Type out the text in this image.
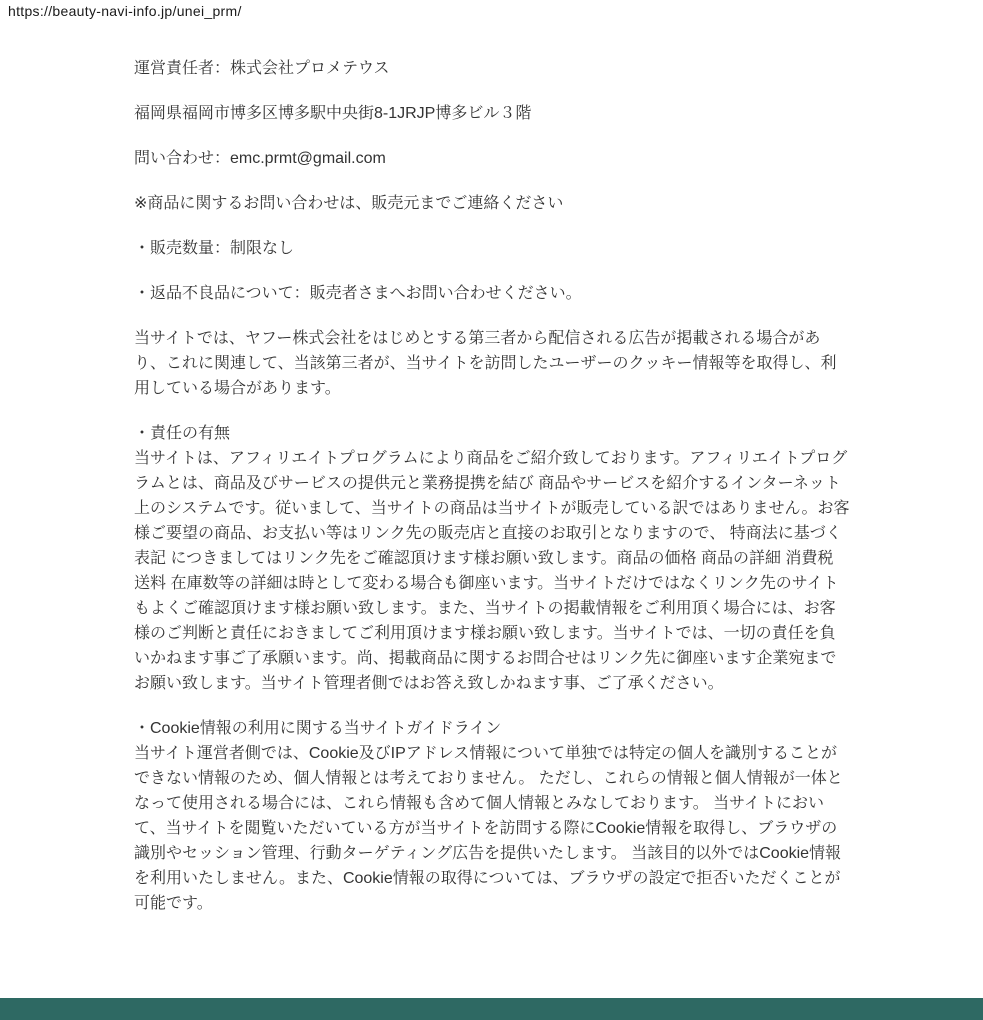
https://beauty-navi-info.jp/unei_prm/

運営責任者：株式会社プロメテウス

福岡県福岡市博多区博多駅中央街8-1JRJP博多ビル３階

問い合わせ：emc.prmt@gmail.com

※商品に関するお問い合わせは、販売元までご連絡ください

・販売数量：制限なし

・返品不良品について：販売者さまへお問い合わせください。

当サイトでは、ヤフー株式会社をはじめとする第三者から配信される広告が掲載される場合があり、これに関連して、当該第三者が、当サイトを訪問したユーザーのクッキー情報等を取得し、利用している場合があります。

・責任の有無
当サイトは、アフィリエイトプログラムにより商品をご紹介致しております。アフィリエイトプログラムとは、商品及びサービスの提供元と業務提携を結び 商品やサービスを紹介するインターネット上のシステムです。従いまして、当サイトの商品は当サイトが販売している訳ではありません。お客様ご要望の商品、お支払い等はリンク先の販売店と直接のお取引となりますので、 特商法に基づく表記 につきましてはリンク先をご確認頂けます様お願い致します。商品の価格 商品の詳細 消費税 送料 在庫数等の詳細は時として変わる場合も御座います。当サイトだけではなくリンク先のサイトもよくご確認頂けます様お願い致します。また、当サイトの掲載情報をご利用頂く場合には、お客様のご判断と責任におきましてご利用頂けます様お願い致します。当サイトでは、一切の責任を負いかねます事ご了承願います。尚、掲載商品に関するお問合せはリンク先に御座います企業宛までお願い致します。当サイト管理者側ではお答え致しかねます事、ご了承ください。

・Cookie情報の利用に関する当サイトガイドライン
当サイト運営者側では、Cookie及びIPアドレス情報について単独では特定の個人を識別することができない情報のため、個人情報とは考えておりません。 ただし、これらの情報と個人情報が一体となって使用される場合には、これら情報も含めて個人情報とみなしております。 当サイトにおいて、当サイトを閲覧いただいている方が当サイトを訪問する際にCookie情報を取得し、ブラウザの識別やセッション管理、行動ターゲティング広告を提供いたします。 当該目的以外ではCookie情報を利用いたしません。また、Cookie情報の取得については、ブラウザの設定で拒否いただくことが可能です。
